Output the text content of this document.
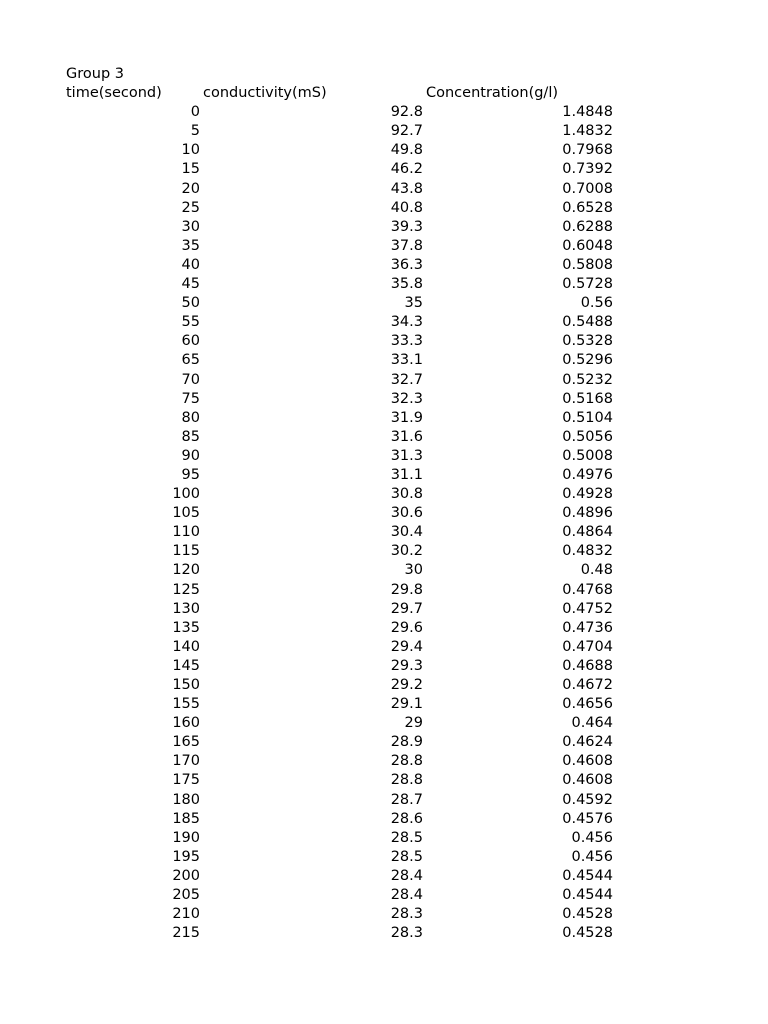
Group 3
time(second)	conductivity(mS)	Concentration(g/l)
0	92.8	1.4848
5	92.7	1.4832
10	49.8	0.7968
15	46.2	0.7392
20	43.8	0.7008
25	40.8	0.6528
30	39.3	0.6288
35	37.8	0.6048
40	36.3	0.5808
45	35.8	0.5728
50	35	0.56
55	34.3	0.5488
60	33.3	0.5328
65	33.1	0.5296
70	32.7	0.5232
75	32.3	0.5168
80	31.9	0.5104
85	31.6	0.5056
90	31.3	0.5008
95	31.1	0.4976
100	30.8	0.4928
105	30.6	0.4896
110	30.4	0.4864
115	30.2	0.4832
120	30	0.48
125	29.8	0.4768
130	29.7	0.4752
135	29.6	0.4736
140	29.4	0.4704
145	29.3	0.4688
150	29.2	0.4672
155	29.1	0.4656
160	29	0.464
165	28.9	0.4624
170	28.8	0.4608
175	28.8	0.4608
180	28.7	0.4592
185	28.6	0.4576
190	28.5	0.456
195	28.5	0.456
200	28.4	0.4544
205	28.4	0.4544
210	28.3	0.4528
215	28.3	0.4528
